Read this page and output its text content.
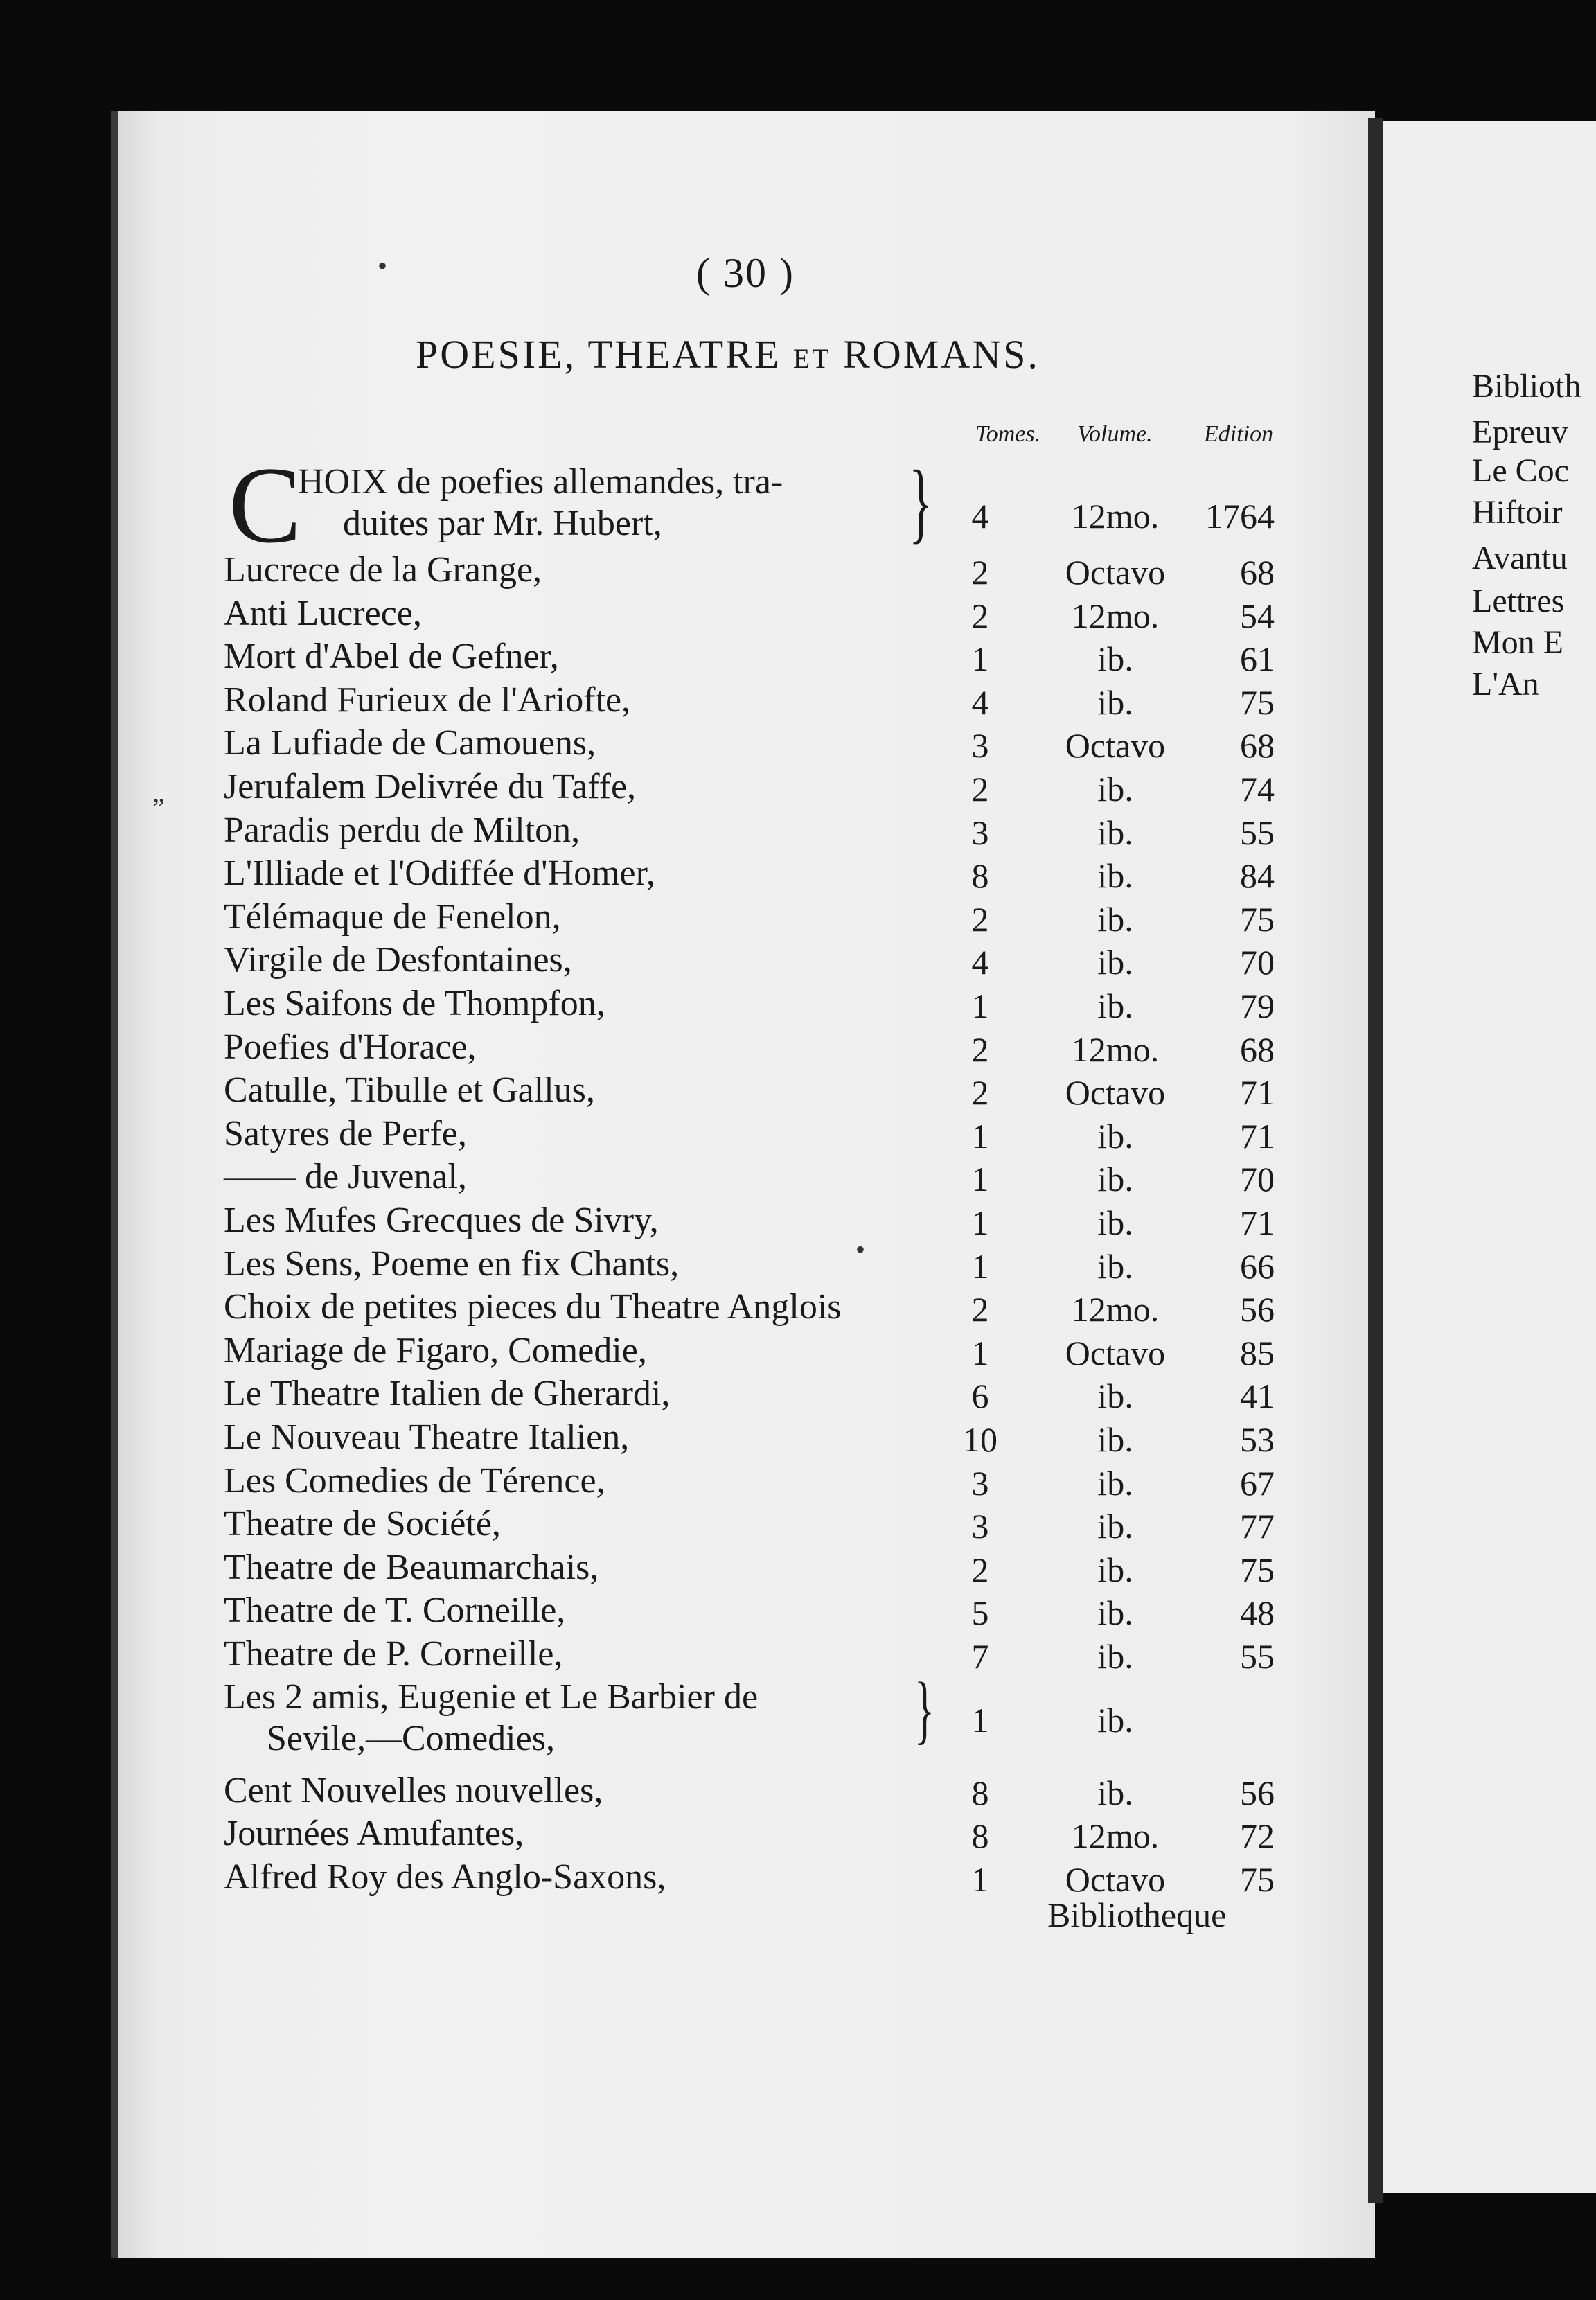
( 30 )
POESIE, THEATRE ET ROMANS.
Tomes. Volume. Edition
C
HOIX de poefies allemandes, tra-
duites par Mr. Hubert,	}	4	12mo.	1764
Lucrece de la Grange,	2	Octavo	68
Anti Lucrece,	2	12mo.	54
Mort d'Abel de Gefner,	1	ib.	61
Roland Furieux de l'Ariofte,	4	ib.	75
La Lufiade de Camouens,	3	Octavo	68
Jerufalem Delivrée du Taffe,	2	ib.	74
Paradis perdu de Milton,	3	ib.	55
L'Illiade et l'Odiffée d'Homer,	8	ib.	84
Télémaque de Fenelon,	2	ib.	75
Virgile de Desfontaines,	4	ib.	70
Les Saifons de Thompfon,	1	ib.	79
Poefies d'Horace,	2	12mo.	68
Catulle, Tibulle et Gallus,	2	Octavo	71
Satyres de Perfe,	1	ib.	71
—— de Juvenal,	1	ib.	70
Les Mufes Grecques de Sivry,	1	ib.	71
Les Sens, Poeme en fix Chants,	1	ib.	66
Choix de petites pieces du Theatre Anglois	2	12mo.	56
Mariage de Figaro, Comedie,	1	Octavo	85
Le Theatre Italien de Gherardi,	6	ib.	41
Le Nouveau Theatre Italien,	10	ib.	53
Les Comedies de Térence,	3	ib.	67
Theatre de Société,	3	ib.	77
Theatre de Beaumarchais,	2	ib.	75
Theatre de T. Corneille,	5	ib.	48
Theatre de P. Corneille,	7	ib.	55
Les 2 amis, Eugenie et Le Barbier de
Sevile,—Comedies,	}	1	ib.
Cent Nouvelles nouvelles,	8	ib.	56
Journées Amufantes,	8	12mo.	72
Alfred Roy des Anglo-Saxons,	1	Octavo	75
Bibliotheque
Biblioth
Epreuv
Le Coc
Hiftoir
Avantu
Lettres
Mon E
L'An
•
„
•
